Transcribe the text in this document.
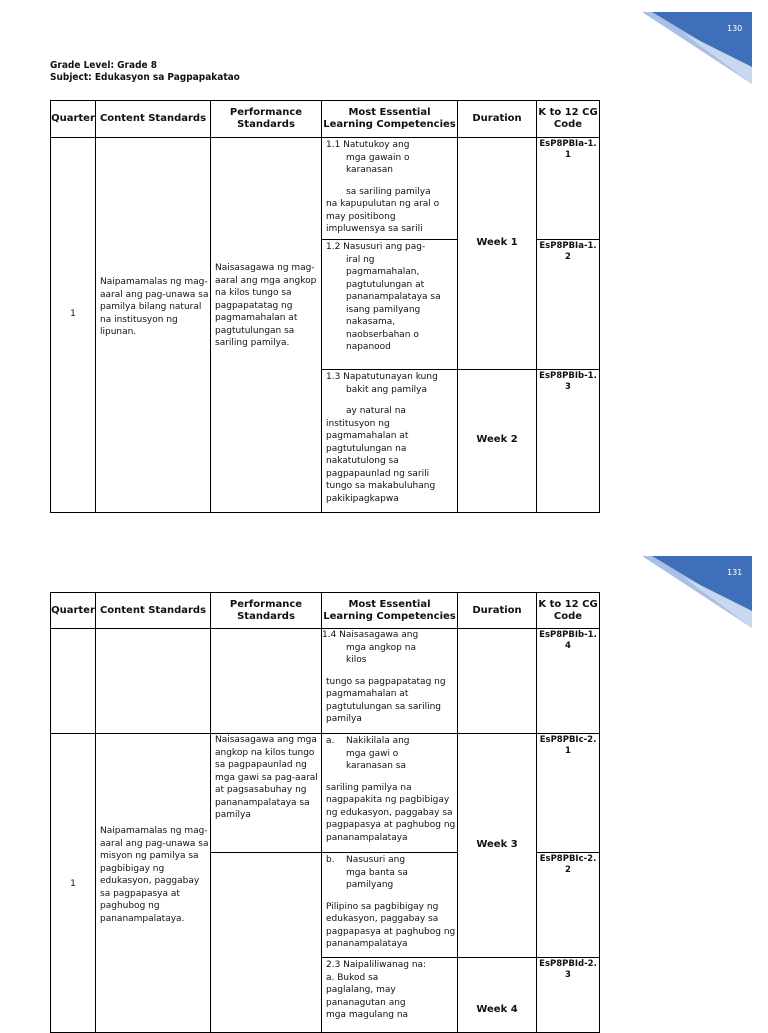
130
Grade Level: Grade 8
Subject: Edukasyon sa Pagpapakatao
Quarter Content Standards
Performance Standards
Most Essential Learning Competencies
Duration
K to 12 CG Code
1
Naipamamalas ng mag-aaral ang pag-unawa sa pamilya bilang natural na institusyon ng lipunan.
Naisasagawa ng mag-aaral ang mga angkop na kilos tungo sa pagpapatatag ng pagmamahalan at pagtutulungan sa sariling pamilya.
1.1 Natutukoy ang
mga gawain o karanasan
sa sariling pamilya
na kapupulutan ng aral o may positibong impluwensya sa sarili
1.2 Nasusuri ang pag-
iral ng pagmamahalan, pagtutulungan at pananampalataya sa isang pamilyang nakasama, naobserbahan o napanood
1.3 Napatutunayan kung
bakit ang pamilya
ay natural na
institusyon ng pagmamahalan at pagtutulungan na nakatutulong sa pagpapaunlad ng sarili tungo sa makabuluhang pakikipagkapwa
Week 1
Week 2
EsP8PBIa-1.1
EsP8PBIa-1.2
EsP8PBIb-1.3
131
Quarter Content Standards
Performance Standards
Most Essential Learning Competencies
Duration
K to 12 CG Code
1.4 Naisasagawa ang
mga angkop na kilos
tungo sa pagpapatatag ng pagmamahalan at pagtutulungan sa sariling pamilya
EsP8PBIb-1.4
1
Naipamamalas ng mag-aaral ang pag-unawa sa misyon ng pamilya sa pagbibigay ng edukasyon, paggabay sa pagpapasya at paghubog ng pananampalataya.
Naisasagawa ang mga angkop na kilos tungo sa pagpapaunlad ng mga gawi sa pag-aaral at pagsasabuhay ng pananampalataya sa pamilya
a.	Nakikilala ang mga gawi o karanasan sa
sariling pamilya na nagpapakita ng pagbibigay ng edukasyon, paggabay sa pagpapasya at paghubog ng pananampalataya
b.	Nasusuri ang mga banta sa pamilyang
Pilipino sa pagbibigay ng edukasyon, paggabay sa pagpapasya at paghubog ng pananampalataya
2.3 Naipaliliwanag na:
a. Bukod sa paglalang, may pananagutan ang mga magulang na
Week 3
Week 4
EsP8PBIc-2.1
EsP8PBIc-2.2
EsP8PBId-2.3
